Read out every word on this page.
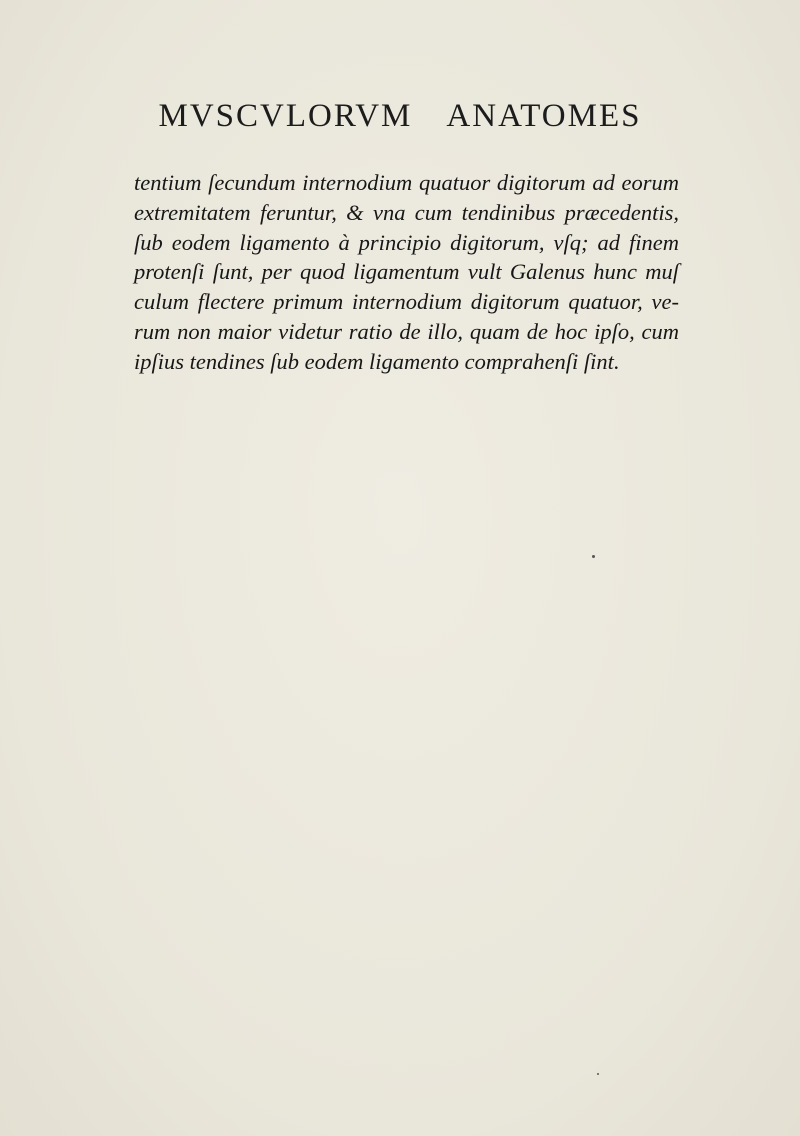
MVSCVLORVM ANATOMES
tentium ſecundum internodium quatuor digitorum ad eorum
extremitatem feruntur, & vna cum tendinibus præcedentis,
ſub eodem ligamento à principio digitorum, vſq; ad finem
protenſi ſunt, per quod ligamentum vult Galenus hunc muſ
culum flectere primum internodium digitorum quatuor, ve-
rum non maior videtur ratio de illo, quam de hoc ipſo, cum
ipſius tendines ſub eodem ligamento comprahenſi ſint.
